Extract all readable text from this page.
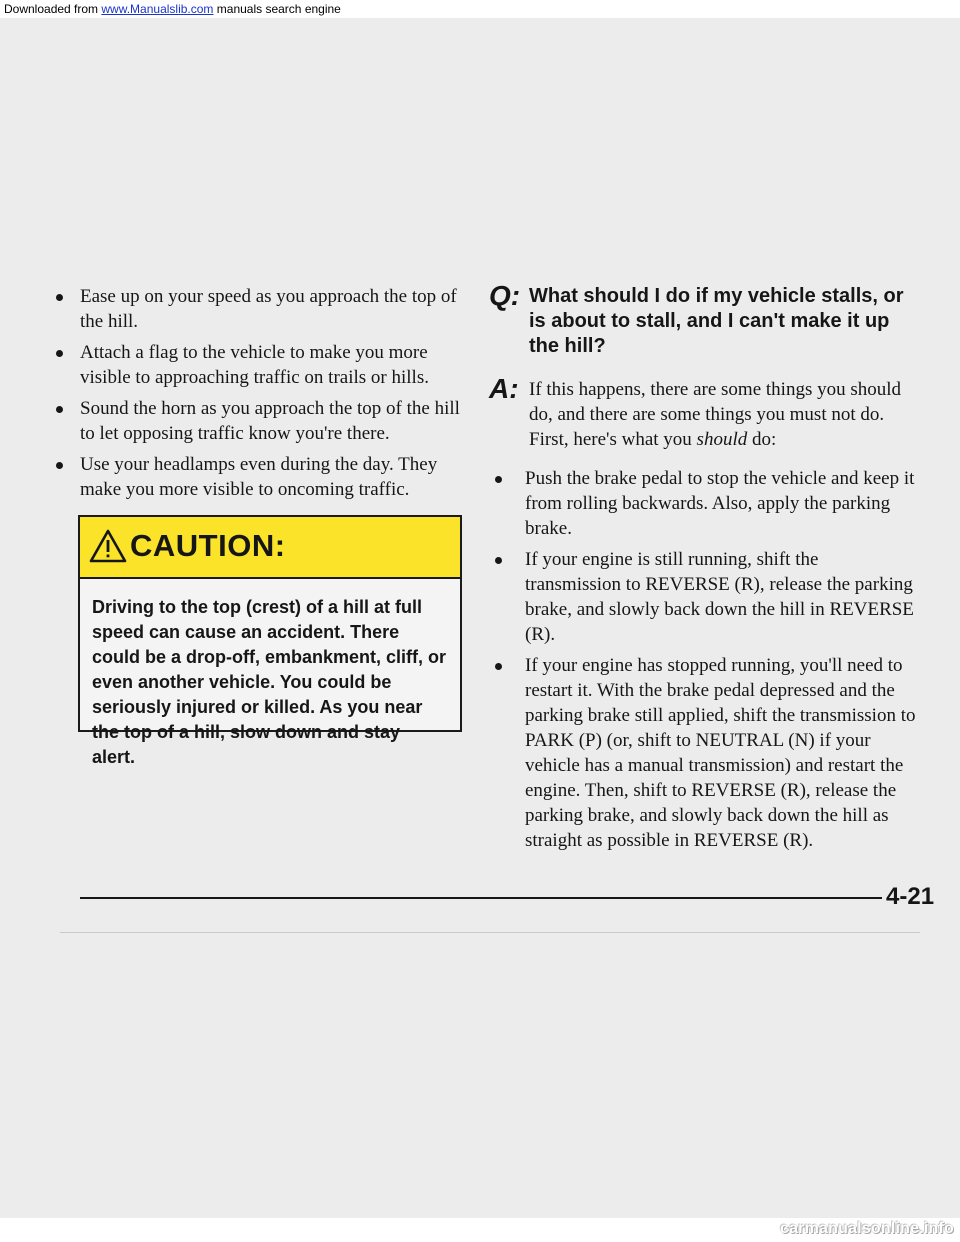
Downloaded from www.Manualslib.com manuals search engine
Ease up on your speed as you approach the top of the hill.
Attach a flag to the vehicle to make you more visible to approaching traffic on trails or hills.
Sound the horn as you approach the top of the hill to let opposing traffic know you're there.
Use your headlamps even during the day. They make you more visible to oncoming traffic.
CAUTION:
Driving to the top (crest) of a hill at full speed can cause an accident. There could be a drop-off, embankment, cliff, or even another vehicle. You could be seriously injured or killed. As you near the top of a hill, slow down and stay alert.
Q: What should I do if my vehicle stalls, or is about to stall, and I can't make it up the hill?
A: If this happens, there are some things you should do, and there are some things you must not do. First, here's what you should do:
Push the brake pedal to stop the vehicle and keep it from rolling backwards. Also, apply the parking brake.
If your engine is still running, shift the transmission to REVERSE (R), release the parking brake, and slowly back down the hill in REVERSE (R).
If your engine has stopped running, you'll need to restart it. With the brake pedal depressed and the parking brake still applied, shift the transmission to PARK (P) (or, shift to NEUTRAL (N) if your vehicle has a manual transmission) and restart the engine. Then, shift to REVERSE (R), release the parking brake, and slowly back down the hill as straight as possible in REVERSE (R).
4-21
carmanualsonline.info
